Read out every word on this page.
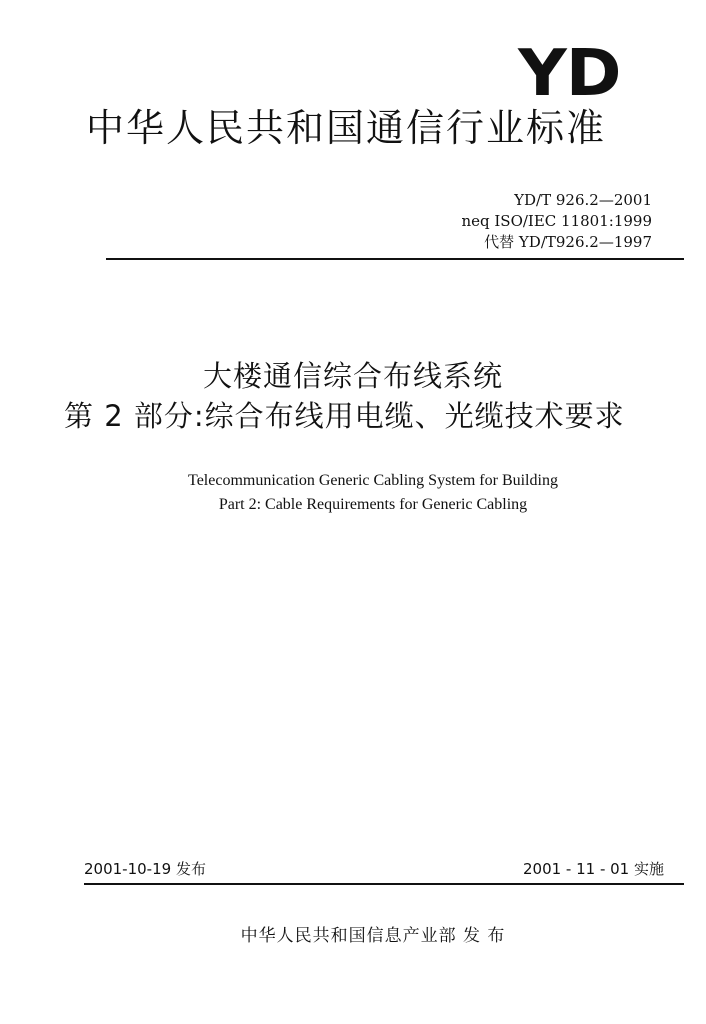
YD
中华人民共和国通信行业标准
YD/T 926.2—2001
neq ISO/IEC 11801:1999
代替 YD/T926.2—1997
大楼通信综合布线系统
第 2 部分:综合布线用电缆、光缆技术要求
Telecommunication Generic Cabling System for Building
Part 2: Cable Requirements for Generic Cabling
2001-10-19 发布	2001 - 11 - 01 实施
中华人民共和国信息产业部 发 布
